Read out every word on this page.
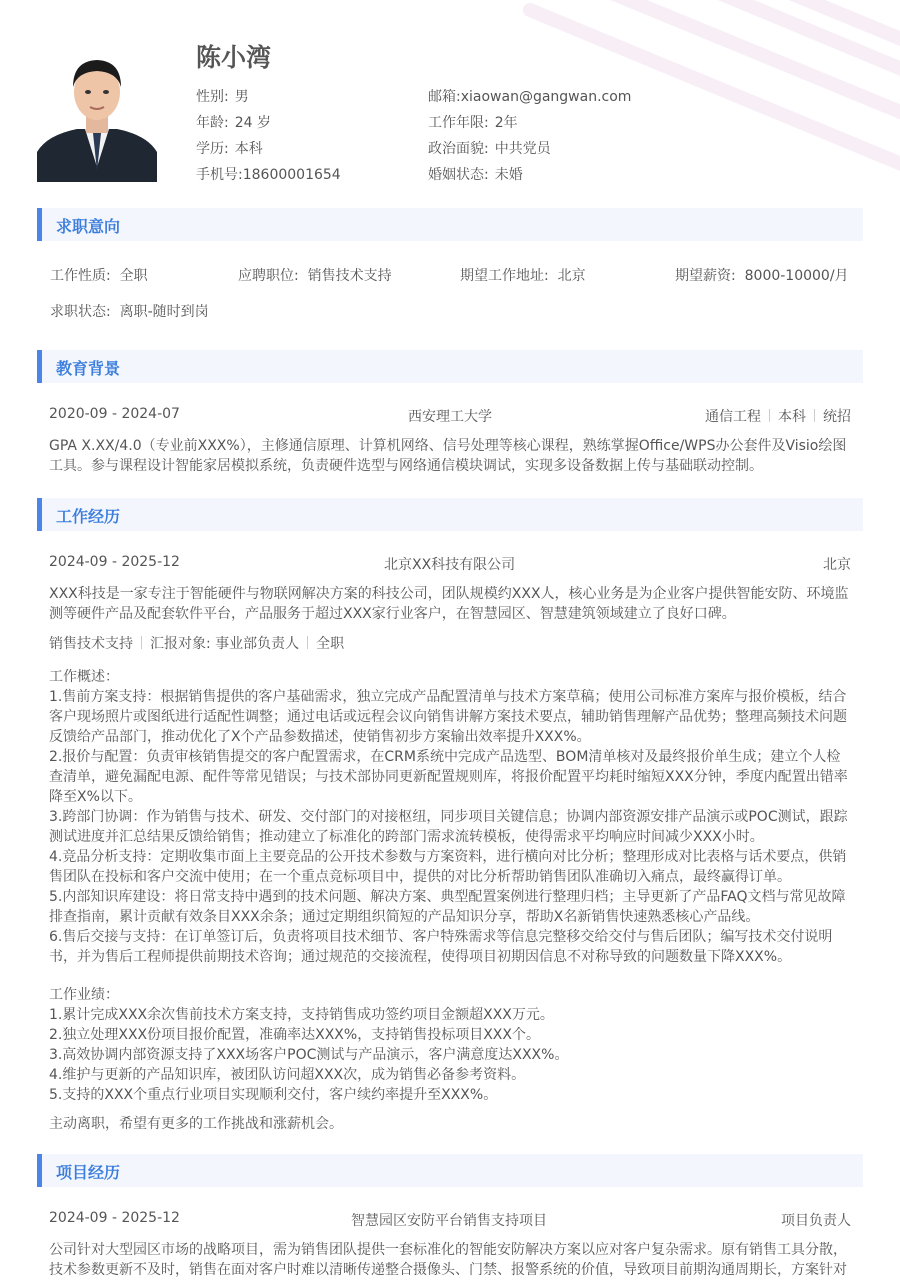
陈小湾
性别: 男	邮箱:xiaowan@gangwan.com
年龄: 24 岁	工作年限: 2年
学历: 本科	政治面貌: 中共党员
手机号:18600001654	婚姻状态: 未婚
求职意向
工作性质: 全职	应聘职位: 销售技术支持	期望工作地址: 北京	期望薪资: 8000-10000/月
求职状态: 离职-随时到岗
教育背景
2020-09 - 2024-07	西安理工大学	通信工程 本科 统招
GPA X.XX/4.0（专业前XXX%），主修通信原理、计算机网络、信号处理等核心课程，熟练掌握Office/WPS办公套件及Visio绘图
工具。参与课程设计智能家居模拟系统，负责硬件选型与网络通信模块调试，实现多设备数据上传与基础联动控制。
工作经历
2024-09 - 2025-12	北京XX科技有限公司	北京
XXX科技是一家专注于智能硬件与物联网解决方案的科技公司，团队规模约XXX人，核心业务是为企业客户提供智能安防、环境监
测等硬件产品及配套软件平台，产品服务于超过XXX家行业客户，在智慧园区、智慧建筑领域建立了良好口碑。
销售技术支持 汇报对象: 事业部负责人 全职
工作概述：
1.售前方案支持：根据销售提供的客户基础需求，独立完成产品配置清单与技术方案草稿；使用公司标准方案库与报价模板，结合
客户现场照片或图纸进行适配性调整；通过电话或远程会议向销售讲解方案技术要点，辅助销售理解产品优势；整理高频技术问题
反馈给产品部门，推动优化了X个产品参数描述，使销售初步方案输出效率提升XXX%。
2.报价与配置：负责审核销售提交的客户配置需求，在CRM系统中完成产品选型、BOM清单核对及最终报价单生成；建立个人检
查清单，避免漏配电源、配件等常见错误；与技术部协同更新配置规则库，将报价配置平均耗时缩短XXX分钟，季度内配置出错率
降至X%以下。
3.跨部门协调：作为销售与技术、研发、交付部门的对接枢纽，同步项目关键信息；协调内部资源安排产品演示或POC测试，跟踪
测试进度并汇总结果反馈给销售；推动建立了标准化的跨部门需求流转模板，使得需求平均响应时间减少XXX小时。
4.竞品分析支持：定期收集市面上主要竞品的公开技术参数与方案资料，进行横向对比分析；整理形成对比表格与话术要点，供销
售团队在投标和客户交流中使用；在一个重点竞标项目中，提供的对比分析帮助销售团队准确切入痛点，最终赢得订单。
5.内部知识库建设：将日常支持中遇到的技术问题、解决方案、典型配置案例进行整理归档；主导更新了产品FAQ文档与常见故障
排查指南，累计贡献有效条目XXX余条；通过定期组织简短的产品知识分享，帮助X名新销售快速熟悉核心产品线。
6.售后交接与支持：在订单签订后，负责将项目技术细节、客户特殊需求等信息完整移交给交付与售后团队；编写技术交付说明
书，并为售后工程师提供前期技术咨询；通过规范的交接流程，使得项目初期因信息不对称导致的问题数量下降XXX%。
工作业绩：
1.累计完成XXX余次售前技术方案支持，支持销售成功签约项目金额超XXX万元。
2.独立处理XXX份项目报价配置，准确率达XXX%，支持销售投标项目XXX个。
3.高效协调内部资源支持了XXX场客户POC测试与产品演示，客户满意度达XXX%。
4.维护与更新的产品知识库，被团队访问超XXX次，成为销售必备参考资料。
5.支持的XXX个重点行业项目实现顺利交付，客户续约率提升至XXX%。
主动离职，希望有更多的工作挑战和涨薪机会。
项目经历
2024-09 - 2025-12	智慧园区安防平台销售支持项目	项目负责人
公司针对大型园区市场的战略项目，需为销售团队提供一套标准化的智能安防解决方案以应对客户复杂需求。原有销售工具分散，
技术参数更新不及时，销售在面对客户时难以清晰传递整合摄像头、门禁、报警系统的价值，导致项目前期沟通周期长，方案针对
